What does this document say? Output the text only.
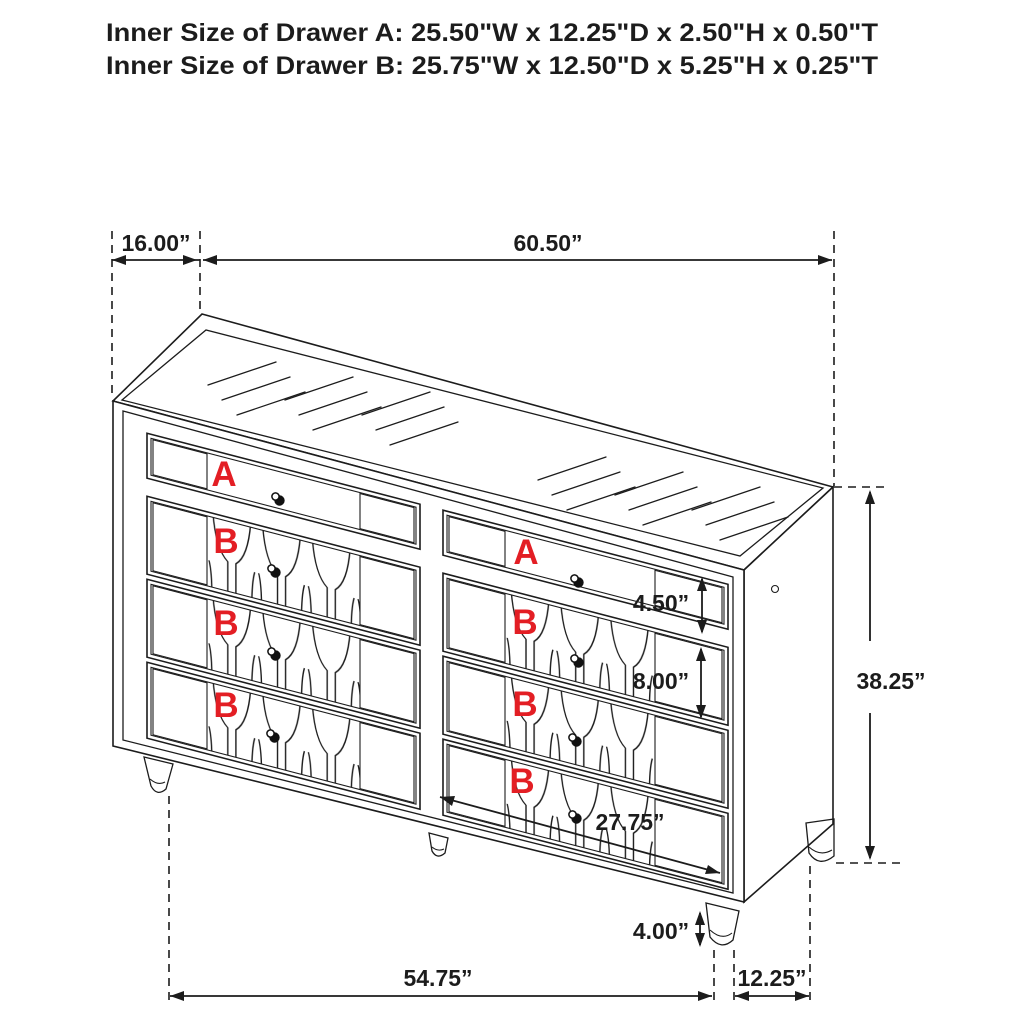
Inner Size of Drawer A: 25.50"W x 12.25"D x 2.50"H x 0.50"T
Inner Size of Drawer B: 25.75"W x 12.50"D x 5.25"H x 0.25"T
A
B
B
B
A
B
B
B
16.00”	60.50”
4.50”
8.00”	38.25”
27.75”
4.00”
54.75”	12.25”
